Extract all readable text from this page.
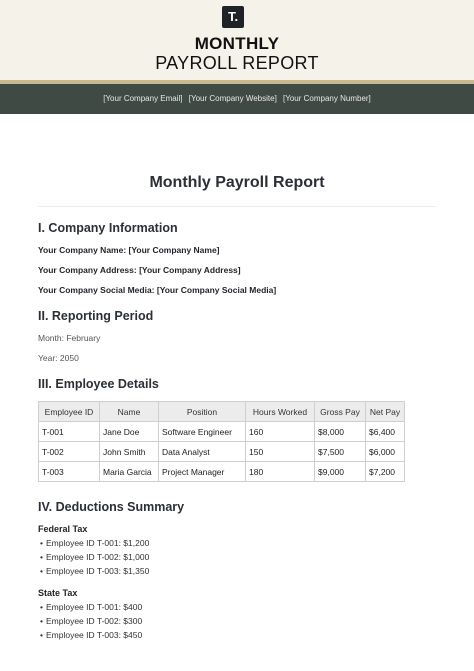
T.
MONTHLY
PAYROLL REPORT
[Your Company Email] [Your Company Website] [Your Company Number]
Monthly Payroll Report
I. Company Information

Your Company Name: [Your Company Name]

Your Company Address: [Your Company Address]

Your Company Social Media: [Your Company Social Media]

II. Reporting Period

Month: February

Year: 2050

III. Employee Details
Employee ID	Name	Position	Hours Worked	Gross Pay	Net Pay
T-001	Jane Doe	Software Engineer	160	$8,000	$6,400
T-002	John Smith	Data Analyst	150	$7,500	$6,000
T-003	Maria Garcia	Project Manager	180	$9,000	$7,200
IV. Deductions Summary
Federal Tax
• Employee ID T-001: $1,200
• Employee ID T-002: $1,000
• Employee ID T-003: $1,350
State Tax
• Employee ID T-001: $400
• Employee ID T-002: $300
• Employee ID T-003: $450
